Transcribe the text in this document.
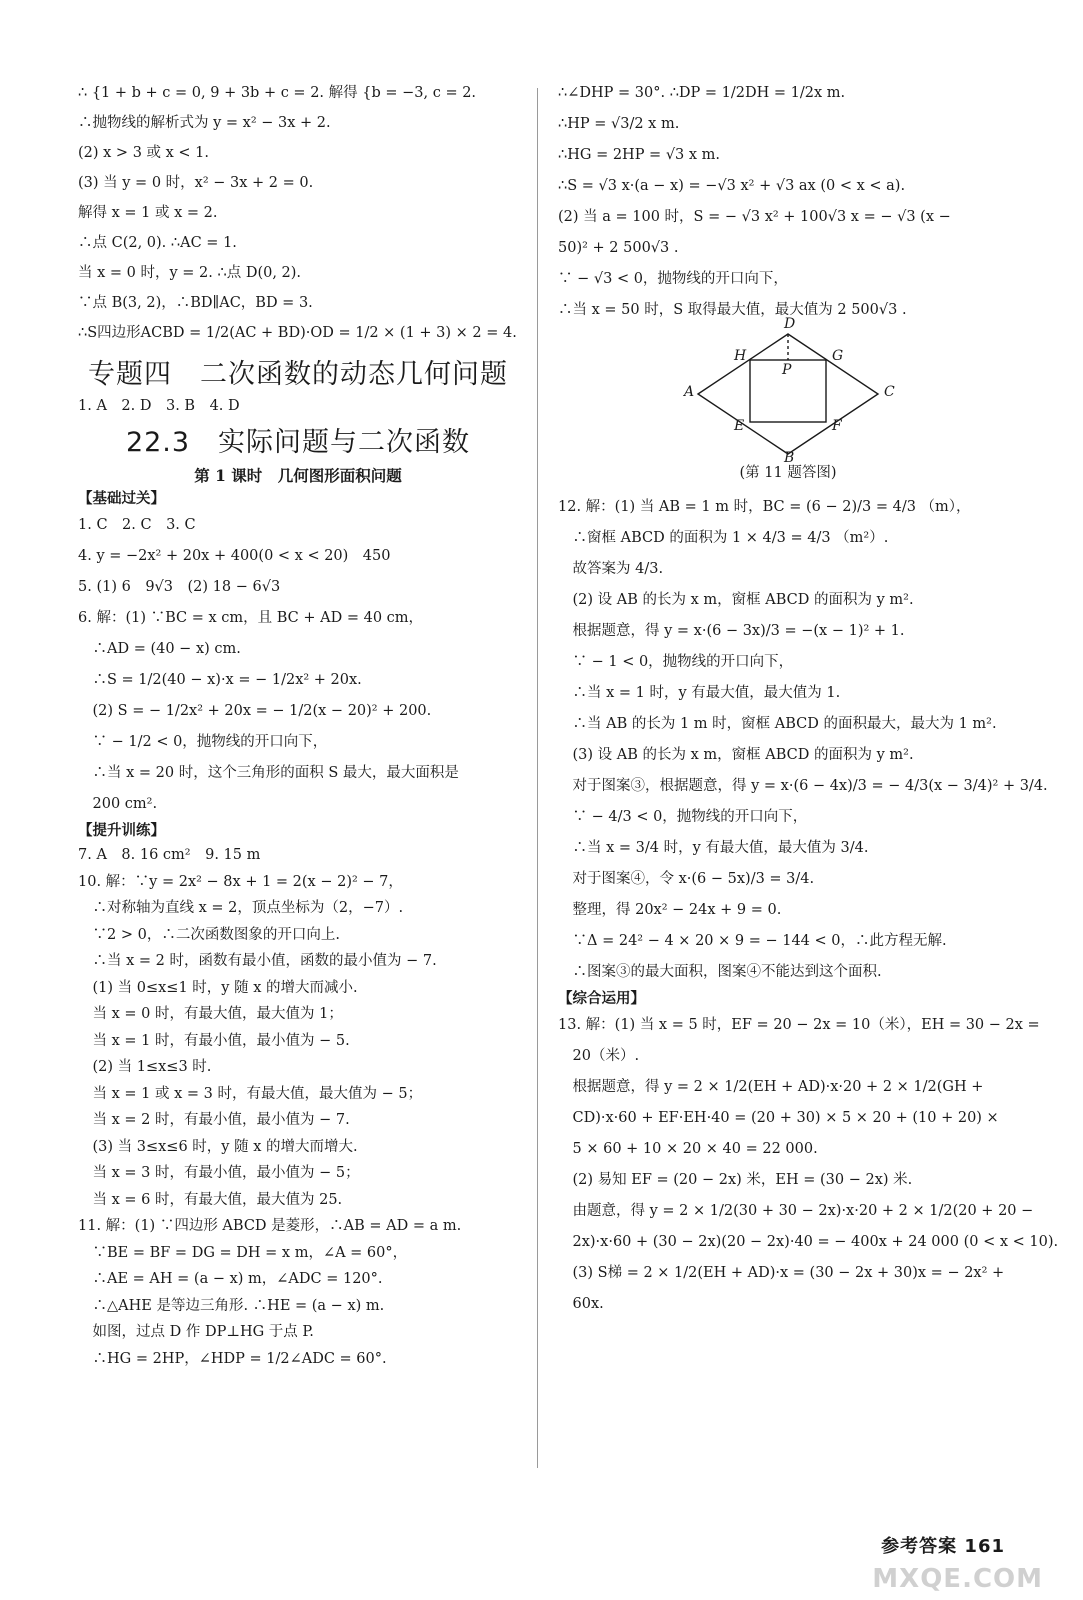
∴ {1 + b + c = 0, 9 + 3b + c = 2. 解得 {b = −3, c = 2.
∴抛物线的解析式为 y = x² − 3x + 2.
(2) x > 3 或 x < 1.
(3) 当 y = 0 时，x² − 3x + 2 = 0.
解得 x = 1 或 x = 2.
∴点 C(2, 0). ∴AC = 1.
当 x = 0 时，y = 2. ∴点 D(0, 2).
∵点 B(3, 2)，∴BD∥AC，BD = 3.
∴S四边形ACBD = 1/2(AC + BD)·OD = 1/2 × (1 + 3) × 2 = 4.
专题四　二次函数的动态几何问题
1. A　2. D　3. B　4. D
22.3　实际问题与二次函数
第 1 课时　几何图形面积问题
【基础过关】
1. C　2. C　3. C
4. y = −2x² + 20x + 400(0 < x < 20)　450
5. (1) 6　9√3　(2) 18 − 6√3
6. 解：(1) ∵BC = x cm，且 BC + AD = 40 cm，
　∴AD = (40 − x) cm.
　∴S = 1/2(40 − x)·x = − 1/2x² + 20x.
　(2) S = − 1/2x² + 20x = − 1/2(x − 20)² + 200.
　∵ − 1/2 < 0，抛物线的开口向下，
　∴当 x = 20 时，这个三角形的面积 S 最大，最大面积是
　200 cm².
【提升训练】
7. A　8. 16 cm²　9. 15 m
10. 解：∵y = 2x² − 8x + 1 = 2(x − 2)² − 7，
　∴对称轴为直线 x = 2，顶点坐标为（2，−7）.
　∵2 > 0，∴二次函数图象的开口向上.
　∴当 x = 2 时，函数有最小值，函数的最小值为 − 7.
　(1) 当 0≤x≤1 时，y 随 x 的增大而减小.
　当 x = 0 时，有最大值，最大值为 1；
　当 x = 1 时，有最小值，最小值为 − 5.
　(2) 当 1≤x≤3 时.
　当 x = 1 或 x = 3 时，有最大值，最大值为 − 5；
　当 x = 2 时，有最小值，最小值为 − 7.
　(3) 当 3≤x≤6 时，y 随 x 的增大而增大.
　当 x = 3 时，有最小值，最小值为 − 5；
　当 x = 6 时，有最大值，最大值为 25.
11. 解：(1) ∵四边形 ABCD 是菱形，∴AB = AD = a m.
　∵BE = BF = DG = DH = x m，∠A = 60°，
　∴AE = AH = (a − x) m，∠ADC = 120°.
　∴△AHE 是等边三角形. ∴HE = (a − x) m.
　如图，过点 D 作 DP⊥HG 于点 P.
　∴HG = 2HP，∠HDP = 1/2∠ADC = 60°.
∴∠DHP = 30°. ∴DP = 1/2DH = 1/2x m.
∴HP = √3/2 x m.
∴HG = 2HP = √3 x m.
∴S = √3 x·(a − x) = −√3 x² + √3 ax (0 < x < a).
(2) 当 a = 100 时，S = − √3 x² + 100√3 x = − √3 (x −
50)² + 2 500√3 .
∵ − √3 < 0，抛物线的开口向下，
∴当 x = 50 时，S 取得最大值，最大值为 2 500√3 .
D
H	G
P
A	C
E	F
B
(第 11 题答图)
12. 解：(1) 当 AB = 1 m 时，BC = (6 − 2)/3 = 4/3 （m），
　∴窗框 ABCD 的面积为 1 × 4/3 = 4/3 （m²）.
　故答案为 4/3.
　(2) 设 AB 的长为 x m，窗框 ABCD 的面积为 y m².
　根据题意，得 y = x·(6 − 3x)/3 = −(x − 1)² + 1.
　∵ − 1 < 0，抛物线的开口向下，
　∴当 x = 1 时，y 有最大值，最大值为 1.
　∴当 AB 的长为 1 m 时，窗框 ABCD 的面积最大，最大为 1 m².
　(3) 设 AB 的长为 x m，窗框 ABCD 的面积为 y m².
　对于图案③，根据题意，得 y = x·(6 − 4x)/3 = − 4/3(x − 3/4)² + 3/4.
　∵ − 4/3 < 0，抛物线的开口向下，
　∴当 x = 3/4 时，y 有最大值，最大值为 3/4.
　对于图案④，令 x·(6 − 5x)/3 = 3/4.
　整理，得 20x² − 24x + 9 = 0.
　∵Δ = 24² − 4 × 20 × 9 = − 144 < 0，∴此方程无解.
　∴图案③的最大面积，图案④不能达到这个面积.
【综合运用】
13. 解：(1) 当 x = 5 时，EF = 20 − 2x = 10（米），EH = 30 − 2x =
　20（米）.
　根据题意，得 y = 2 × 1/2(EH + AD)·x·20 + 2 × 1/2(GH +
　CD)·x·60 + EF·EH·40 = (20 + 30) × 5 × 20 + (10 + 20) ×
　5 × 60 + 10 × 20 × 40 = 22 000.
　(2) 易知 EF = (20 − 2x) 米，EH = (30 − 2x) 米.
　由题意，得 y = 2 × 1/2(30 + 30 − 2x)·x·20 + 2 × 1/2(20 + 20 −
　2x)·x·60 + (30 − 2x)(20 − 2x)·40 = − 400x + 24 000 (0 < x < 10).
　(3) S梯 = 2 × 1/2(EH + AD)·x = (30 − 2x + 30)x = − 2x² +
　60x.
参考答案 161
MXQE.COM
